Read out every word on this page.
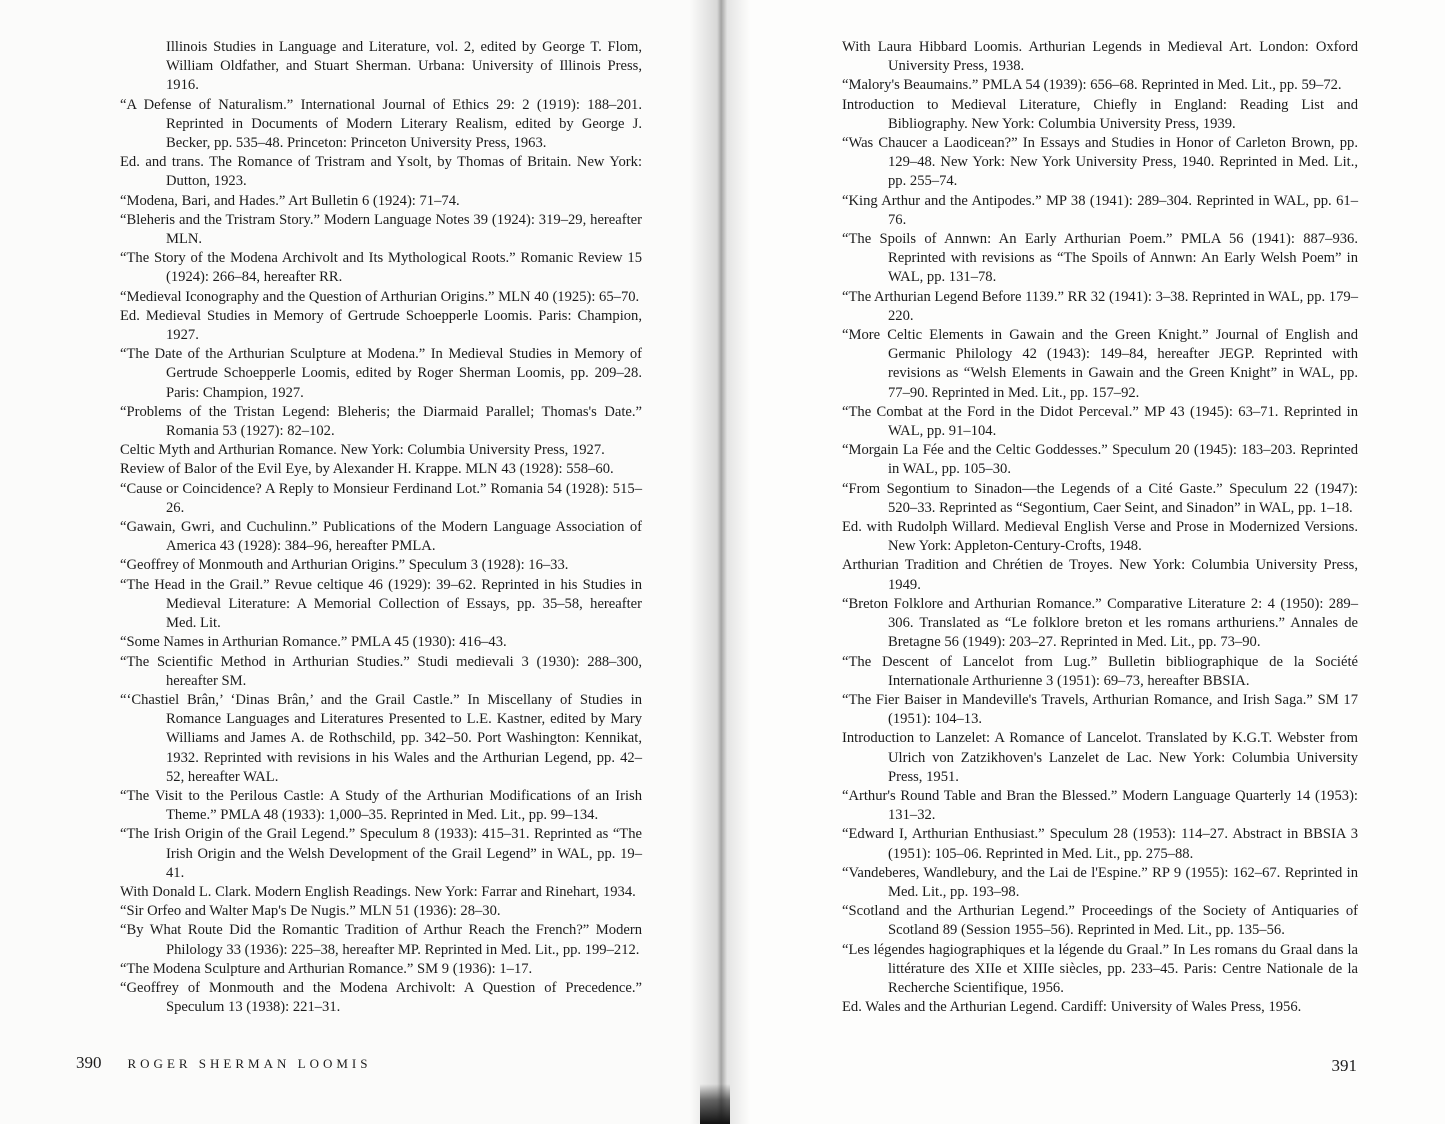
Illinois Studies in Language and Literature, vol. 2, edited by George T. Flom, William Oldfather, and Stuart Sherman. Urbana: University of Illinois Press, 1916.

“A Defense of Naturalism.” International Journal of Ethics 29: 2 (1919): 188–201. Reprinted in Documents of Modern Literary Realism, edited by George J. Becker, pp. 535–48. Princeton: Princeton University Press, 1963.

Ed. and trans. The Romance of Tristram and Ysolt, by Thomas of Britain. New York: Dutton, 1923.

“Modena, Bari, and Hades.” Art Bulletin 6 (1924): 71–74.

“Bleheris and the Tristram Story.” Modern Language Notes 39 (1924): 319–29, hereafter MLN.

“The Story of the Modena Archivolt and Its Mythological Roots.” Romanic Review 15 (1924): 266–84, hereafter RR.

“Medieval Iconography and the Question of Arthurian Origins.” MLN 40 (1925): 65–70.

Ed. Medieval Studies in Memory of Gertrude Schoepperle Loomis. Paris: Champion, 1927.

“The Date of the Arthurian Sculpture at Modena.” In Medieval Studies in Memory of Gertrude Schoepperle Loomis, edited by Roger Sherman Loomis, pp. 209–28. Paris: Champion, 1927.

“Problems of the Tristan Legend: Bleheris; the Diarmaid Parallel; Thomas's Date.” Romania 53 (1927): 82–102.

Celtic Myth and Arthurian Romance. New York: Columbia University Press, 1927.

Review of Balor of the Evil Eye, by Alexander H. Krappe. MLN 43 (1928): 558–60.

“Cause or Coincidence? A Reply to Monsieur Ferdinand Lot.” Romania 54 (1928): 515–26.

“Gawain, Gwri, and Cuchulinn.” Publications of the Modern Language Association of America 43 (1928): 384–96, hereafter PMLA.

“Geoffrey of Monmouth and Arthurian Origins.” Speculum 3 (1928): 16–33.

“The Head in the Grail.” Revue celtique 46 (1929): 39–62. Reprinted in his Studies in Medieval Literature: A Memorial Collection of Essays, pp. 35–58, hereafter Med. Lit.

“Some Names in Arthurian Romance.” PMLA 45 (1930): 416–43.

“The Scientific Method in Arthurian Studies.” Studi medievali 3 (1930): 288–300, hereafter SM.

“‘Chastiel Brân,’ ‘Dinas Brân,’ and the Grail Castle.” In Miscellany of Studies in Romance Languages and Literatures Presented to L.E. Kastner, edited by Mary Williams and James A. de Rothschild, pp. 342–50. Port Washington: Kennikat, 1932. Reprinted with revisions in his Wales and the Arthurian Legend, pp. 42–52, hereafter WAL.

“The Visit to the Perilous Castle: A Study of the Arthurian Modifications of an Irish Theme.” PMLA 48 (1933): 1,000–35. Reprinted in Med. Lit., pp. 99–134.

“The Irish Origin of the Grail Legend.” Speculum 8 (1933): 415–31. Reprinted as “The Irish Origin and the Welsh Development of the Grail Legend” in WAL, pp. 19–41.

With Donald L. Clark. Modern English Readings. New York: Farrar and Rinehart, 1934.

“Sir Orfeo and Walter Map's De Nugis.” MLN 51 (1936): 28–30.

“By What Route Did the Romantic Tradition of Arthur Reach the French?” Modern Philology 33 (1936): 225–38, hereafter MP. Reprinted in Med. Lit., pp. 199–212.

“The Modena Sculpture and Arthurian Romance.” SM 9 (1936): 1–17.

“Geoffrey of Monmouth and the Modena Archivolt: A Question of Precedence.” Speculum 13 (1938): 221–31.

390 ROGER SHERMAN LOOMIS

With Laura Hibbard Loomis. Arthurian Legends in Medieval Art. London: Oxford University Press, 1938.

“Malory's Beaumains.” PMLA 54 (1939): 656–68. Reprinted in Med. Lit., pp. 59–72.

Introduction to Medieval Literature, Chiefly in England: Reading List and Bibliography. New York: Columbia University Press, 1939.

“Was Chaucer a Laodicean?” In Essays and Studies in Honor of Carleton Brown, pp. 129–48. New York: New York University Press, 1940. Reprinted in Med. Lit., pp. 255–74.

“King Arthur and the Antipodes.” MP 38 (1941): 289–304. Reprinted in WAL, pp. 61–76.

“The Spoils of Annwn: An Early Arthurian Poem.” PMLA 56 (1941): 887–936. Reprinted with revisions as “The Spoils of Annwn: An Early Welsh Poem” in WAL, pp. 131–78.

“The Arthurian Legend Before 1139.” RR 32 (1941): 3–38. Reprinted in WAL, pp. 179–220.

“More Celtic Elements in Gawain and the Green Knight.” Journal of English and Germanic Philology 42 (1943): 149–84, hereafter JEGP. Reprinted with revisions as “Welsh Elements in Gawain and the Green Knight” in WAL, pp. 77–90. Reprinted in Med. Lit., pp. 157–92.

“The Combat at the Ford in the Didot Perceval.” MP 43 (1945): 63–71. Reprinted in WAL, pp. 91–104.

“Morgain La Fée and the Celtic Goddesses.” Speculum 20 (1945): 183–203. Reprinted in WAL, pp. 105–30.

“From Segontium to Sinadon—the Legends of a Cité Gaste.” Speculum 22 (1947): 520–33. Reprinted as “Segontium, Caer Seint, and Sinadon” in WAL, pp. 1–18.

Ed. with Rudolph Willard. Medieval English Verse and Prose in Modernized Versions. New York: Appleton-Century-Crofts, 1948.

Arthurian Tradition and Chrétien de Troyes. New York: Columbia University Press, 1949.

“Breton Folklore and Arthurian Romance.” Comparative Literature 2: 4 (1950): 289–306. Translated as “Le folklore breton et les romans arthuriens.” Annales de Bretagne 56 (1949): 203–27. Reprinted in Med. Lit., pp. 73–90.

“The Descent of Lancelot from Lug.” Bulletin bibliographique de la Société Internationale Arthurienne 3 (1951): 69–73, hereafter BBSIA.

“The Fier Baiser in Mandeville's Travels, Arthurian Romance, and Irish Saga.” SM 17 (1951): 104–13.

Introduction to Lanzelet: A Romance of Lancelot. Translated by K.G.T. Webster from Ulrich von Zatzikhoven's Lanzelet de Lac. New York: Columbia University Press, 1951.

“Arthur's Round Table and Bran the Blessed.” Modern Language Quarterly 14 (1953): 131–32.

“Edward I, Arthurian Enthusiast.” Speculum 28 (1953): 114–27. Abstract in BBSIA 3 (1951): 105–06. Reprinted in Med. Lit., pp. 275–88.

“Vandeberes, Wandlebury, and the Lai de l'Espine.” RP 9 (1955): 162–67. Reprinted in Med. Lit., pp. 193–98.

“Scotland and the Arthurian Legend.” Proceedings of the Society of Antiquaries of Scotland 89 (Session 1955–56). Reprinted in Med. Lit., pp. 135–56.

“Les légendes hagiographiques et la légende du Graal.” In Les romans du Graal dans la littérature des XIIe et XIIIe siècles, pp. 233–45. Paris: Centre Nationale de la Recherche Scientifique, 1956.

Ed. Wales and the Arthurian Legend. Cardiff: University of Wales Press, 1956.

391
